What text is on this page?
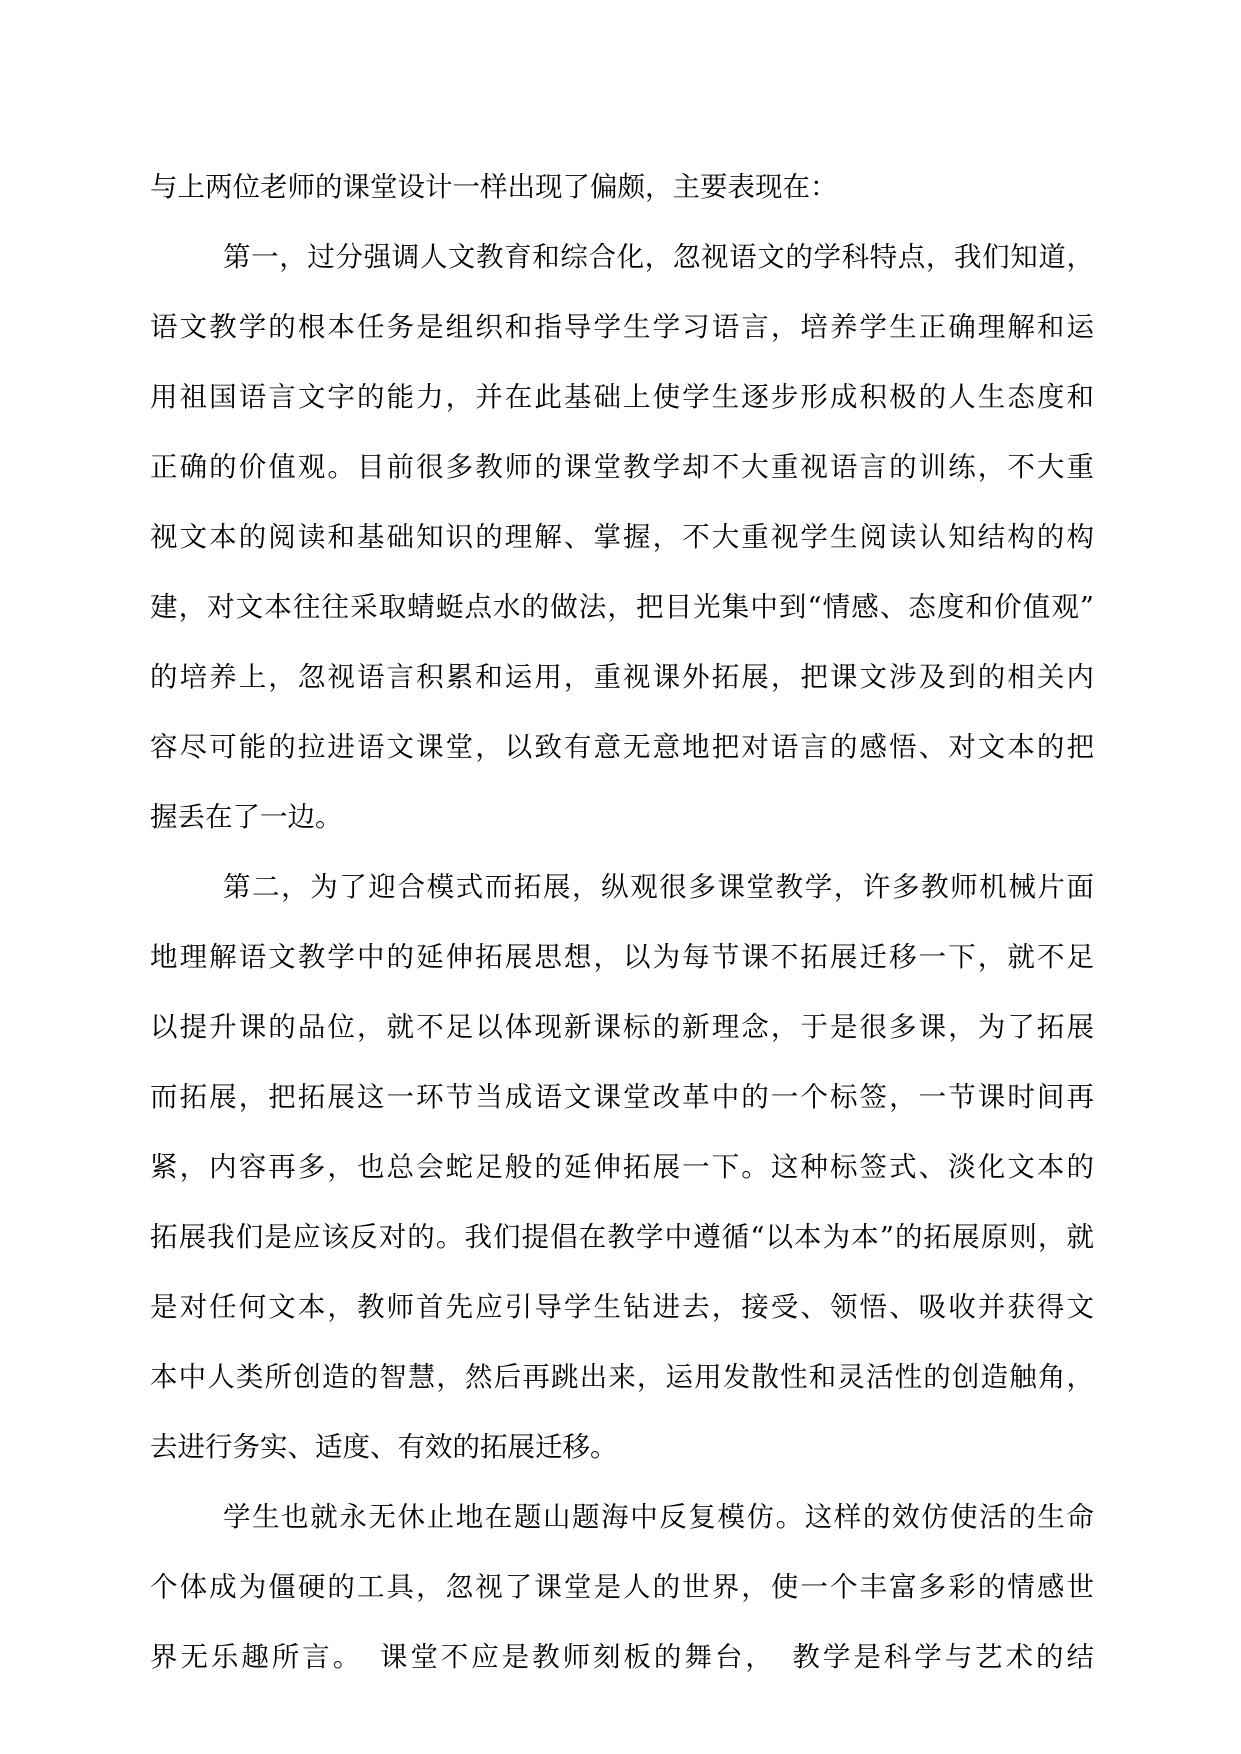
与上两位老师的课堂设计一样出现了偏颇，主要表现在：
第一，过分强调人文教育和综合化，忽视语文的学科特点，我们知道，
语文教学的根本任务是组织和指导学生学习语言，培养学生正确理解和运
用祖国语言文字的能力，并在此基础上使学生逐步形成积极的人生态度和
正确的价值观。目前很多教师的课堂教学却不大重视语言的训练，不大重
视文本的阅读和基础知识的理解、掌握，不大重视学生阅读认知结构的构
建，对文本往往采取蜻蜓点水的做法，把目光集中到“情感、态度和价值观”
的培养上，忽视语言积累和运用，重视课外拓展，把课文涉及到的相关内
容尽可能的拉进语文课堂，以致有意无意地把对语言的感悟、对文本的把
握丢在了一边。
第二，为了迎合模式而拓展，纵观很多课堂教学，许多教师机械片面
地理解语文教学中的延伸拓展思想，以为每节课不拓展迁移一下，就不足
以提升课的品位，就不足以体现新课标的新理念，于是很多课，为了拓展
而拓展，把拓展这一环节当成语文课堂改革中的一个标签，一节课时间再
紧，内容再多，也总会蛇足般的延伸拓展一下。这种标签式、淡化文本的
拓展我们是应该反对的。我们提倡在教学中遵循“以本为本”的拓展原则，就
是对任何文本，教师首先应引导学生钻进去，接受、领悟、吸收并获得文
本中人类所创造的智慧，然后再跳出来，运用发散性和灵活性的创造触角，
去进行务实、适度、有效的拓展迁移。
学生也就永无休止地在题山题海中反复模仿。这样的效仿使活的生命
个体成为僵硬的工具，忽视了课堂是人的世界，使一个丰富多彩的情感世
界无乐趣所言。　课堂不应是教师刻板的舞台，　教学是科学与艺术的结
